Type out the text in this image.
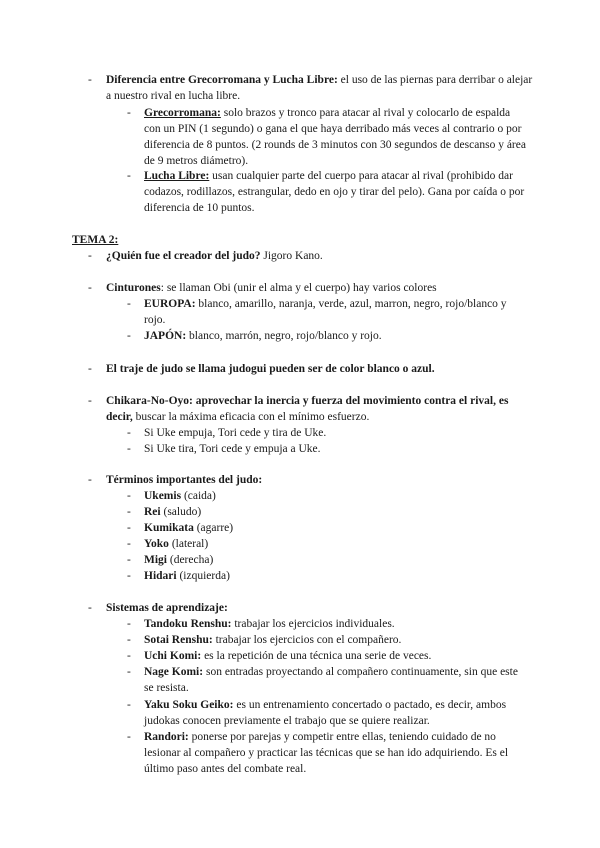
- Diferencia entre Grecorromana y Lucha Libre: el uso de las piernas para derribar o alejar a nuestro rival en lucha libre.
- Grecorromana: solo brazos y tronco para atacar al rival y colocarlo de espalda con un PIN (1 segundo) o gana el que haya derribado más veces al contrario o por diferencia de 8 puntos. (2 rounds de 3 minutos con 30 segundos de descanso y área de 9 metros diámetro).
- Lucha Libre: usan cualquier parte del cuerpo para atacar al rival (prohibido dar codazos, rodillazos, estrangular, dedo en ojo y tirar del pelo). Gana por caída o por diferencia de 10 puntos.
TEMA 2:
- ¿Quién fue el creador del judo? Jigoro Kano.
- Cinturones: se llaman Obi (unir el alma y el cuerpo) hay varios colores
- EUROPA: blanco, amarillo, naranja, verde, azul, marron, negro, rojo/blanco y rojo.
- JAPÓN: blanco, marrón, negro, rojo/blanco y rojo.
- El traje de judo se llama judogui pueden ser de color blanco o azul.
- Chikara-No-Oyo: aprovechar la inercia y fuerza del movimiento contra el rival, es decir, buscar la máxima eficacia con el mínimo esfuerzo.
- Si Uke empuja, Tori cede y tira de Uke.
- Si Uke tira, Tori cede y empuja a Uke.
- Términos importantes del judo:
- Ukemis (caida)
- Rei (saludo)
- Kumikata (agarre)
- Yoko (lateral)
- Migi (derecha)
- Hidari (izquierda)
- Sistemas de aprendizaje:
- Tandoku Renshu: trabajar los ejercicios individuales.
- Sotai Renshu: trabajar los ejercicios con el compañero.
- Uchi Komi: es la repetición de una técnica una serie de veces.
- Nage Komi: son entradas proyectando al compañero continuamente, sin que este se resista.
- Yaku Soku Geiko: es un entrenamiento concertado o pactado, es decir, ambos judokas conocen previamente el trabajo que se quiere realizar.
- Randori: ponerse por parejas y competir entre ellas, teniendo cuidado de no lesionar al compañero y practicar las técnicas que se han ido adquiriendo. Es el último paso antes del combate real.
